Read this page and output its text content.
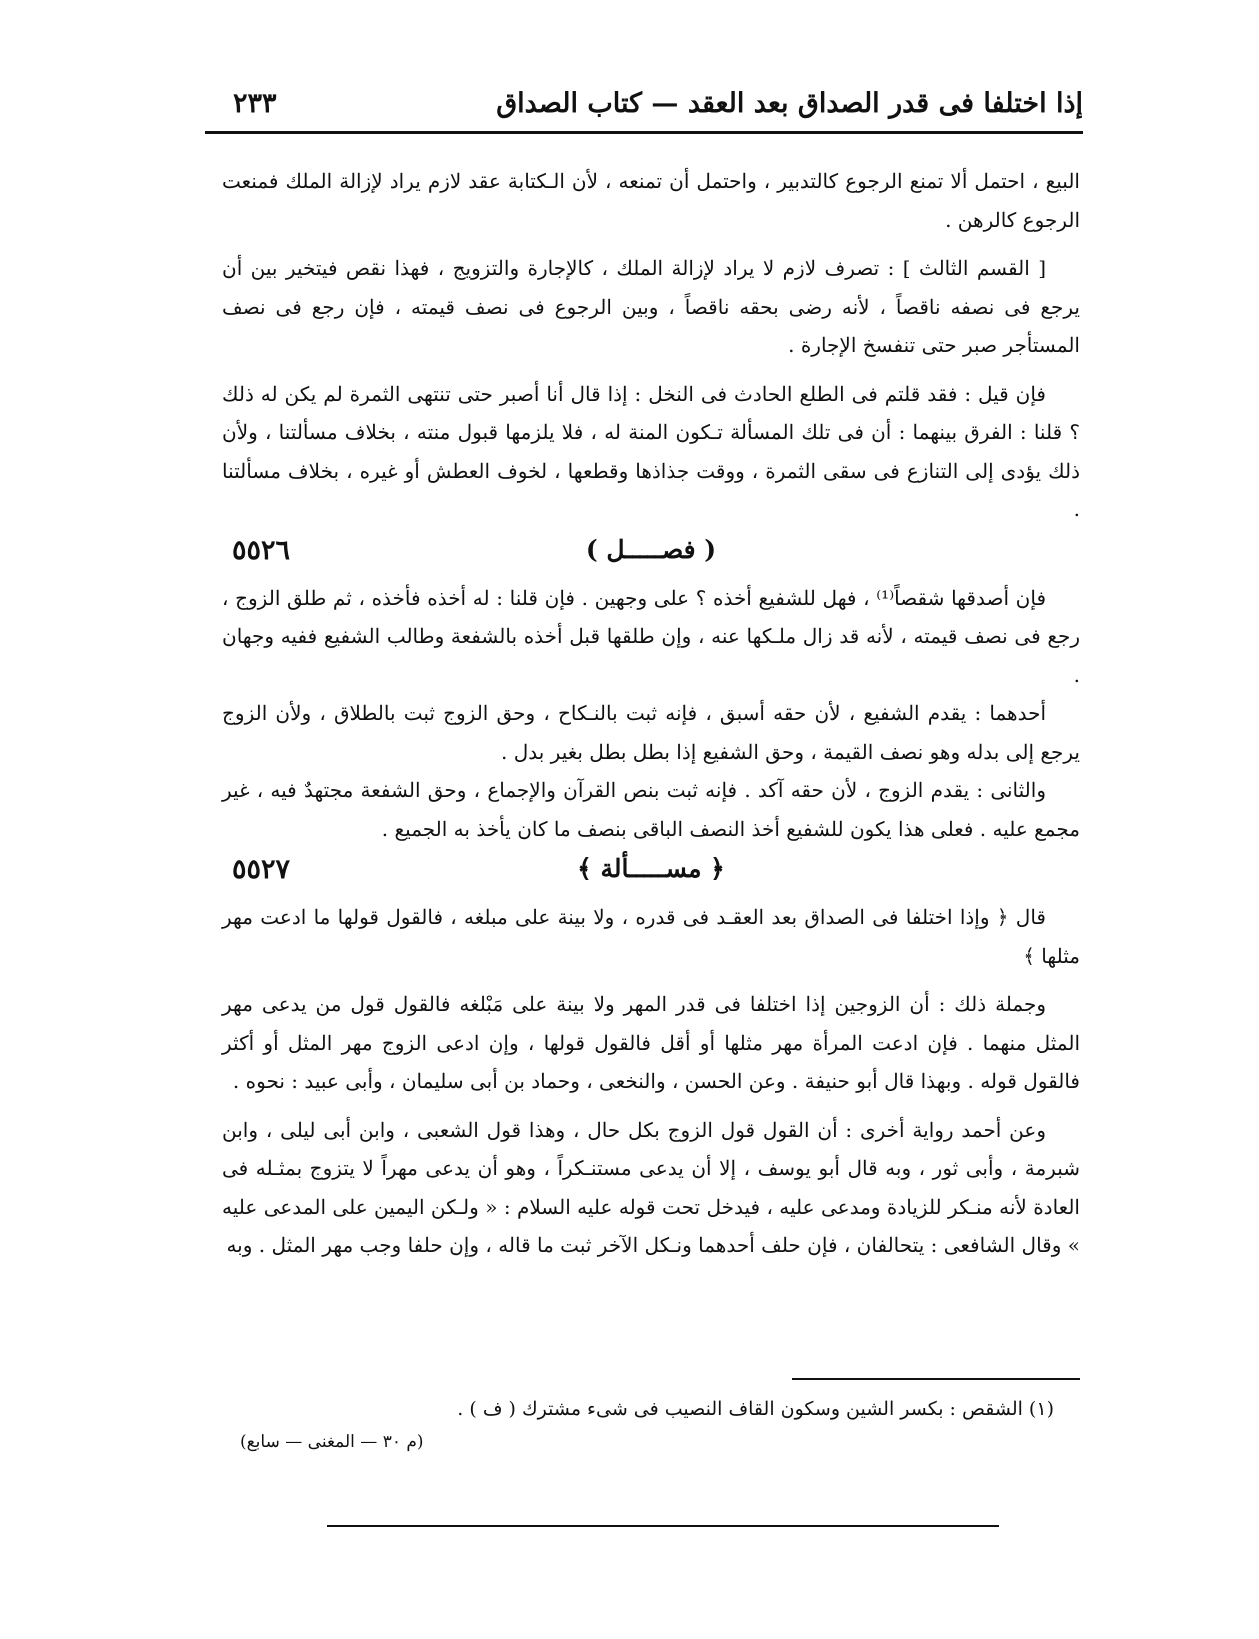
إذا اختلفا فى قدر الصداق بعد العقد — كتاب الصداق
٢٣٣

البيع ، احتمل ألا تمنع الرجوع كالتدبير ، واحتمل أن تمنعه ، لأن الـكتابة عقد لازم يراد لإزالة الملك فمنعت الرجوع كالرهن .

[ القسم الثالث ] : تصرف لازم لا يراد لإزالة الملك ، كالإجارة والتزويج ، فهذا نقص فيتخير بين أن يرجع فى نصفه ناقصاً ، لأنه رضى بحقه ناقصاً ، وبين الرجوع فى نصف قيمته ، فإن رجع فى نصف المستأجر صبر حتى تنفسخ الإجارة .

فإن قيل : فقد قلتم فى الطلع الحادث فى النخل : إذا قال أنا أصبر حتى تنتهى الثمرة لم يكن له ذلك ؟ قلنا : الفرق بينهما : أن فى تلك المسألة تـكون المنة له ، فلا يلزمها قبول منته ، بخلاف مسألتنا ، ولأن ذلك يؤدى إلى التنازع فى سقى الثمرة ، ووقت جذاذها وقطعها ، لخوف العطش أو غيره ، بخلاف مسألتنا .

( فصـــــل )
٥٥٢٦

فإن أصدقها شقصاً⁽¹⁾ ، فهل للشفيع أخذه ؟ على وجهين . فإن قلنا : له أخذه فأخذه ، ثم طلق الزوج ، رجع فى نصف قيمته ، لأنه قد زال ملـكها عنه ، وإن طلقها قبل أخذه بالشفعة وطالب الشفيع ففيه وجهان .

أحدهما : يقدم الشفيع ، لأن حقه أسبق ، فإنه ثبت بالنـكاح ، وحق الزوج ثبت بالطلاق ، ولأن الزوج يرجع إلى بدله وهو نصف القيمة ، وحق الشفيع إذا بطل بطل بغير بدل .

والثانى : يقدم الزوج ، لأن حقه آكد . فإنه ثبت بنص القرآن والإجماع ، وحق الشفعة مجتهدٌ فيه ، غير مجمع عليه . فعلى هذا يكون للشفيع أخذ النصف الباقى بنصف ما كان يأخذ به الجميع .

﴿ مســـــألة ﴾
٥٥٢٧

قال ﴿ وإذا اختلفا فى الصداق بعد العقـد فى قدره ، ولا بينة على مبلغه ، فالقول قولها ما ادعت مهر مثلها ﴾

وجملة ذلك : أن الزوجين إذا اختلفا فى قدر المهر ولا بينة على مَبْلغه فالقول قول من يدعى مهر المثل منهما . فإن ادعت المرأة مهر مثلها أو أقل فالقول قولها ، وإن ادعى الزوج مهر المثل أو أكثر فالقول قوله . وبهذا قال أبو حنيفة . وعن الحسن ، والنخعى ، وحماد بن أبى سليمان ، وأبى عبيد : نحوه .

وعن أحمد رواية أخرى : أن القول قول الزوج بكل حال ، وهذا قول الشعبى ، وابن أبى ليلى ، وابن شبرمة ، وأبى ثور ، وبه قال أبو يوسف ، إلا أن يدعى مستنـكراً ، وهو أن يدعى مهراً لا يتزوج بمثـله فى العادة لأنه منـكر للزيادة ومدعى عليه ، فيدخل تحت قوله عليه السلام : « ولـكن اليمين على المدعى عليه » وقال الشافعى : يتحالفان ، فإن حلف أحدهما ونـكل الآخر ثبت ما قاله ، وإن حلفا وجب مهر المثل . وبه

(١) الشقص : بكسر الشين وسكون القاف النصيب فى شىء مشترك ( ف ) .
(م ٣٠ — المغنى — سابع)
